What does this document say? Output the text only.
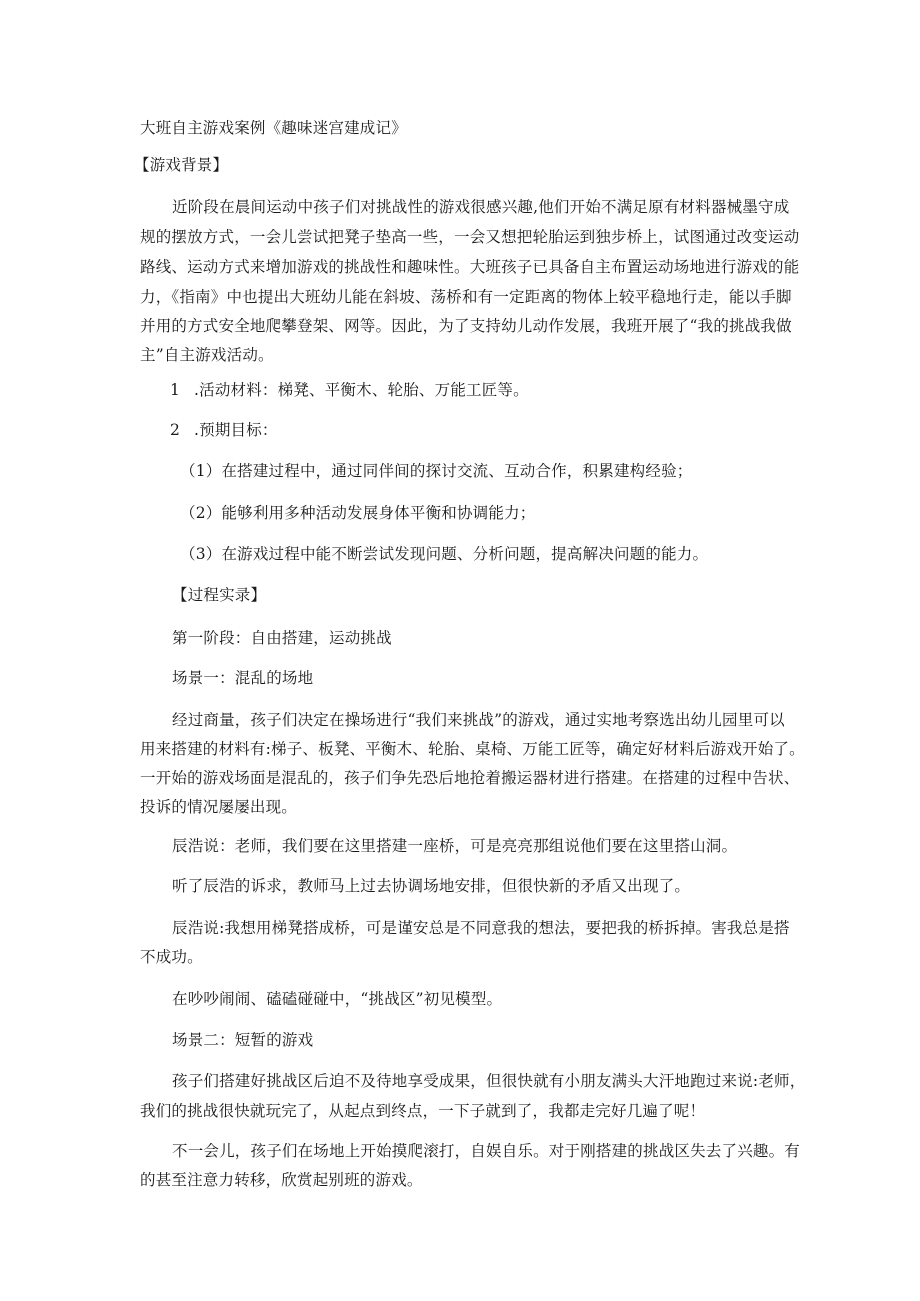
大班自主游戏案例《趣味迷宫建成记》
【游戏背景】
近阶段在晨间运动中孩子们对挑战性的游戏很感兴趣,他们开始不满足原有材料器械墨守成
规的摆放方式，一会儿尝试把凳子垫高一些，一会又想把轮胎运到独步桥上，试图通过改变运动
路线、运动方式来增加游戏的挑战性和趣味性。大班孩子已具备自主布置运动场地进行游戏的能
力，《指南》中也提出大班幼儿能在斜坡、荡桥和有一定距离的物体上较平稳地行走，能以手脚
并用的方式安全地爬攀登架、网等。因此，为了支持幼儿动作发展，我班开展了“我的挑战我做
主”自主游戏活动。
1 .活动材料：梯凳、平衡木、轮胎、万能工匠等。
2 .预期目标：
（1）在搭建过程中，通过同伴间的探讨交流、互动合作，积累建构经验；
（2）能够利用多种活动发展身体平衡和协调能力；
（3）在游戏过程中能不断尝试发现问题、分析问题，提高解决问题的能力。
【过程实录】
第一阶段：自由搭建，运动挑战
场景一：混乱的场地
经过商量，孩子们决定在操场进行“我们来挑战”的游戏，通过实地考察选出幼儿园里可以
用来搭建的材料有:梯子、板凳、平衡木、轮胎、桌椅、万能工匠等，确定好材料后游戏开始了。
一开始的游戏场面是混乱的，孩子们争先恐后地抢着搬运器材进行搭建。在搭建的过程中告状、
投诉的情况屡屡出现。
辰浩说：老师，我们要在这里搭建一座桥，可是亮亮那组说他们要在这里搭山洞。
听了辰浩的诉求，教师马上过去协调场地安排，但很快新的矛盾又出现了。
辰浩说:我想用梯凳搭成桥，可是谨安总是不同意我的想法，要把我的桥拆掉。害我总是搭
不成功。
在吵吵闹闹、磕磕碰碰中，“挑战区”初见模型。
场景二：短暂的游戏
孩子们搭建好挑战区后迫不及待地享受成果，但很快就有小朋友满头大汗地跑过来说:老师，
我们的挑战很快就玩完了，从起点到终点，一下子就到了，我都走完好几遍了呢！
不一会儿，孩子们在场地上开始摸爬滚打，自娱自乐。对于刚搭建的挑战区失去了兴趣。有
的甚至注意力转移，欣赏起别班的游戏。
